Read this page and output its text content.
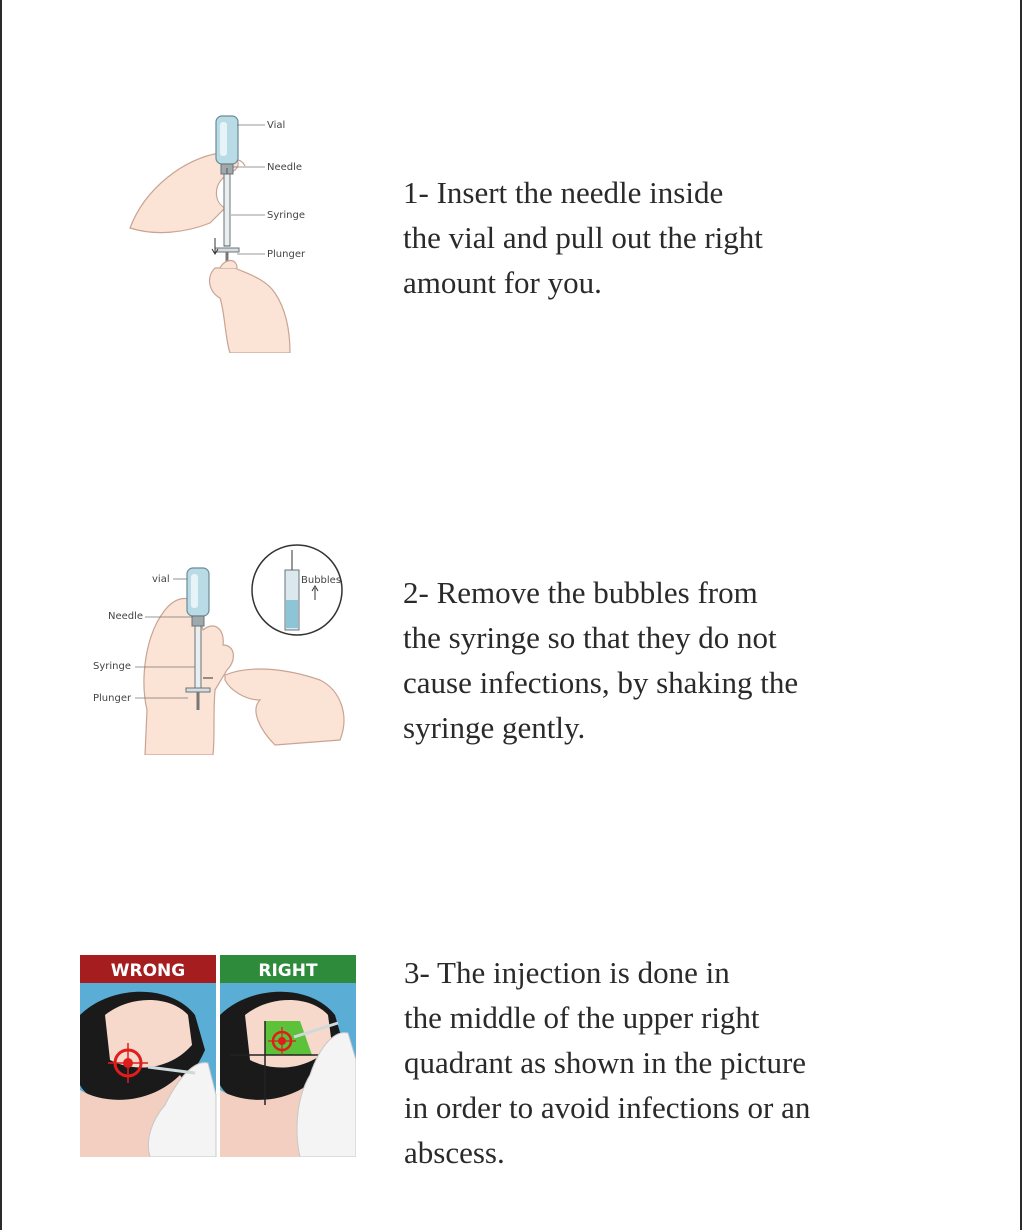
Vial
Needle
Syringe
Plunger

1- Insert the needle inside
the vial and pull out the right
amount for you.

vial
Needle
Syringe
Plunger
Bubbles 2- Remove the bubbles from
the syringe so that they do not
cause infections, by shaking the
syringe gently.

WRONG	RIGHT	3- The injection is done in
the middle of the upper right
quadrant as shown in the picture
in order to avoid infections or an
abscess.
